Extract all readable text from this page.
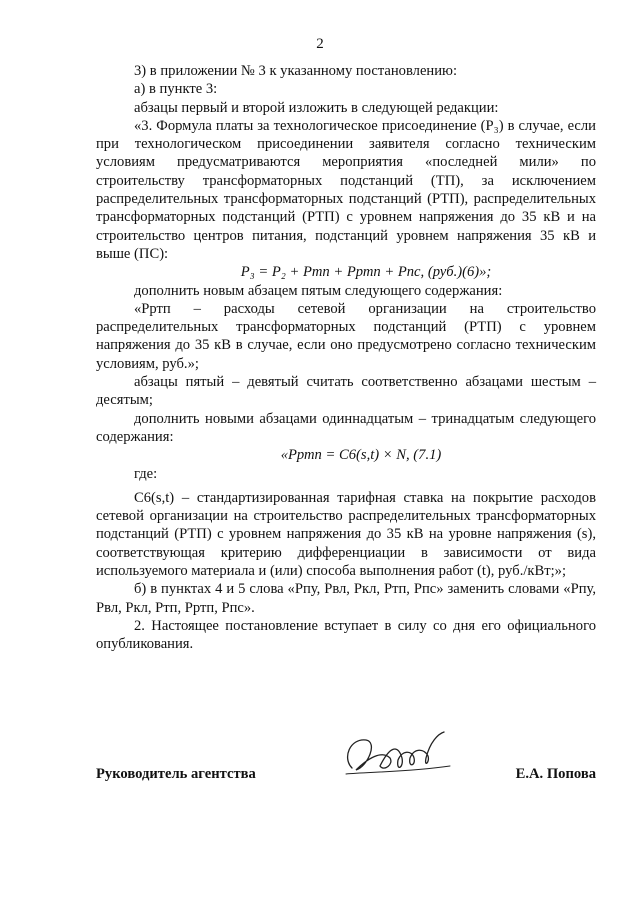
2

3) в приложении № 3 к указанному постановлению:

а) в пункте 3:

абзацы первый и второй изложить в следующей редакции:

«3. Формула платы за технологическое присоединение (P₃) в случае, если при технологическом присоединении заявителя согласно техническим условиям предусматриваются мероприятия «последней мили» по строительству трансформаторных подстанций (ТП), за исключением распределительных трансформаторных подстанций (РТП), распределительных трансформаторных подстанций (РТП) с уровнем напряжения до 35 кВ и на строительство центров питания, подстанций уровнем напряжения 35 кВ и выше (ПС):

P₃ = P₂ + Pтп + Pртп + Pпс, (руб.)(6)»;

дополнить новым абзацем пятым следующего содержания:

«Pртп – расходы сетевой организации на строительство распределительных трансформаторных подстанций (РТП) с уровнем напряжения до 35 кВ в случае, если оно предусмотрено согласно техническим условиям, руб.»;

абзацы пятый – девятый считать соответственно абзацами шестым – десятым;

дополнить новыми абзацами одиннадцатым – тринадцатым следующего содержания:

«Pртп = C6(s,t) × N, (7.1)

где:

C6(s,t) – стандартизированная тарифная ставка на покрытие расходов сетевой организации на строительство распределительных трансформаторных подстанций (РТП) с уровнем напряжения до 35 кВ на уровне напряжения (s), соответствующая критерию дифференциации в зависимости от вида используемого материала и (или) способа выполнения работ (t), руб./кВт;»;

б) в пунктах 4 и 5 слова «Pпу, Pвл, Pкл, Pтп, Pпс» заменить словами «Pпу, Pвл, Pкл, Pтп, Pртп, Pпс».

2. Настоящее постановление вступает в силу со дня его официального опубликования.

Руководитель агентства	Е.А. Попова
